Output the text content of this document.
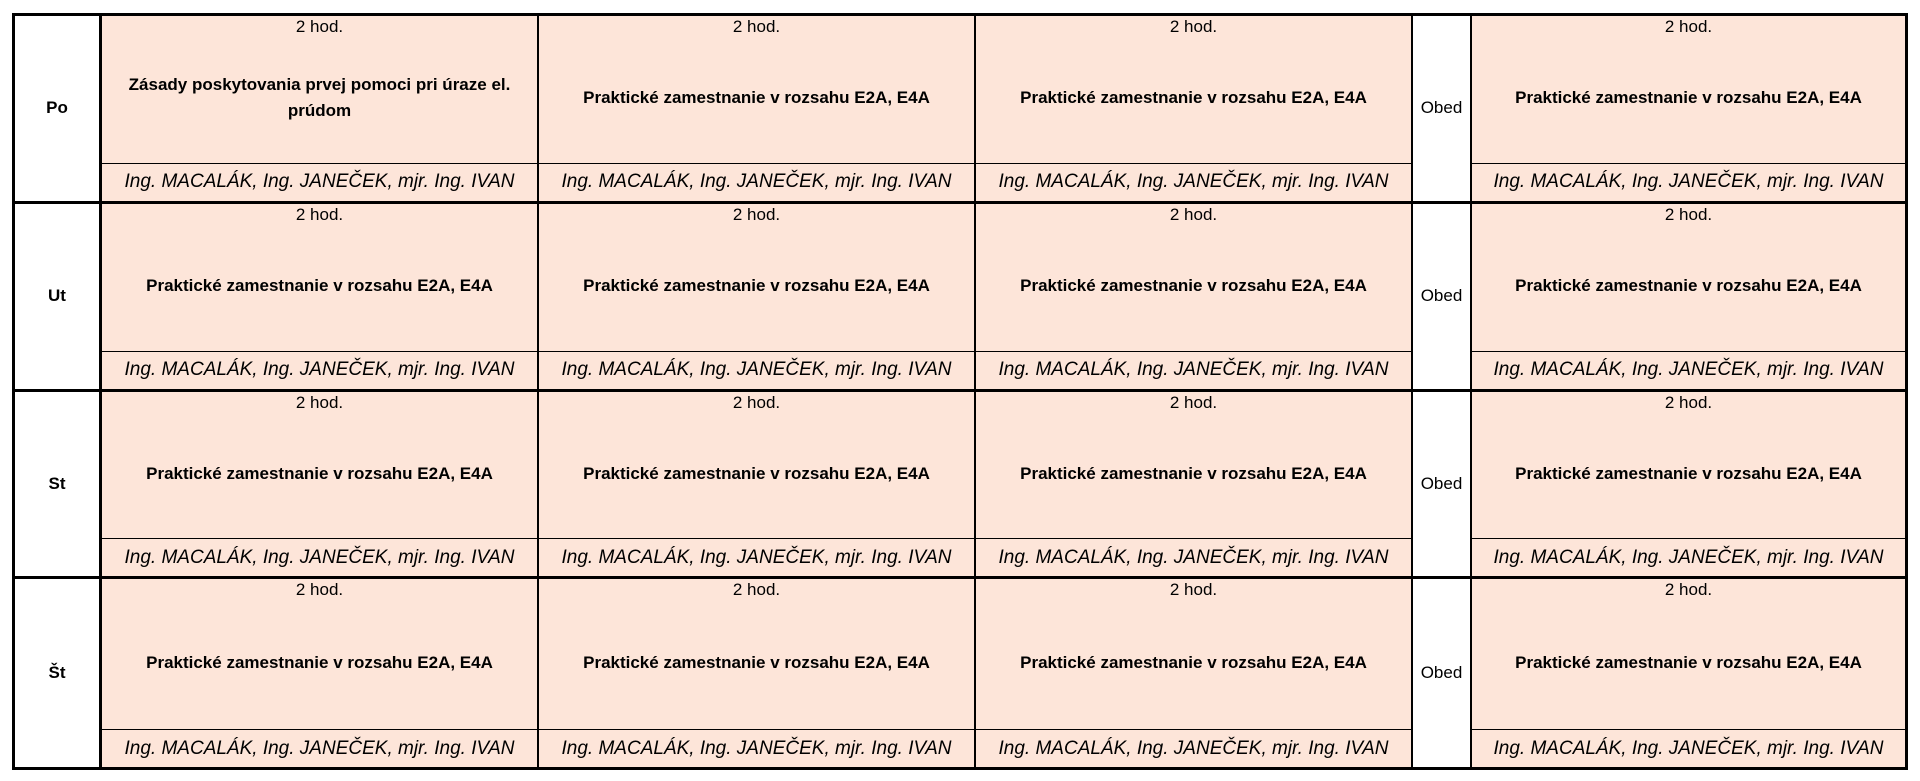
Po
2 hod.
Zásady poskytovania prvej pomoci pri úraze el. prúdom
Ing. MACALÁK, Ing. JANEČEK, mjr. Ing. IVAN
2 hod.
Praktické zamestnanie v rozsahu E2A, E4A
Ing. MACALÁK, Ing. JANEČEK, mjr. Ing. IVAN
2 hod.
Praktické zamestnanie v rozsahu E2A, E4A
Ing. MACALÁK, Ing. JANEČEK, mjr. Ing. IVAN
Obed
2 hod.
Praktické zamestnanie v rozsahu E2A, E4A
Ing. MACALÁK, Ing. JANEČEK, mjr. Ing. IVAN
Ut
2 hod.
Praktické zamestnanie v rozsahu E2A, E4A
Ing. MACALÁK, Ing. JANEČEK, mjr. Ing. IVAN
2 hod.
Praktické zamestnanie v rozsahu E2A, E4A
Ing. MACALÁK, Ing. JANEČEK, mjr. Ing. IVAN
2 hod.
Praktické zamestnanie v rozsahu E2A, E4A
Ing. MACALÁK, Ing. JANEČEK, mjr. Ing. IVAN
Obed
2 hod.
Praktické zamestnanie v rozsahu E2A, E4A
Ing. MACALÁK, Ing. JANEČEK, mjr. Ing. IVAN
St
2 hod.
Praktické zamestnanie v rozsahu E2A, E4A
Ing. MACALÁK, Ing. JANEČEK, mjr. Ing. IVAN
2 hod.
Praktické zamestnanie v rozsahu E2A, E4A
Ing. MACALÁK, Ing. JANEČEK, mjr. Ing. IVAN
2 hod.
Praktické zamestnanie v rozsahu E2A, E4A
Ing. MACALÁK, Ing. JANEČEK, mjr. Ing. IVAN
Obed
2 hod.
Praktické zamestnanie v rozsahu E2A, E4A
Ing. MACALÁK, Ing. JANEČEK, mjr. Ing. IVAN
Št
2 hod.
Praktické zamestnanie v rozsahu E2A, E4A
Ing. MACALÁK, Ing. JANEČEK, mjr. Ing. IVAN
2 hod.
Praktické zamestnanie v rozsahu E2A, E4A
Ing. MACALÁK, Ing. JANEČEK, mjr. Ing. IVAN
2 hod.
Praktické zamestnanie v rozsahu E2A, E4A
Ing. MACALÁK, Ing. JANEČEK, mjr. Ing. IVAN
Obed
2 hod.
Praktické zamestnanie v rozsahu E2A, E4A
Ing. MACALÁK, Ing. JANEČEK, mjr. Ing. IVAN
